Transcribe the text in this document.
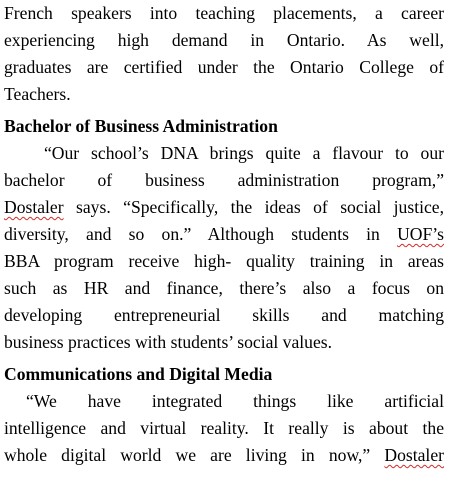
French speakers into teaching placements, a career
experiencing high demand in Ontario. As well,
graduates are certified under the Ontario College of
Teachers.
Bachelor of Business Administration
“Our school’s DNA brings quite a flavour to our
bachelor of business administration program,”
Dostaler says. “Specifically, the ideas of social justice,
diversity, and so on.” Although students in UOF’s
BBA program receive high- quality training in areas
such as HR and finance, there’s also a focus on
developing entrepreneurial skills and matching
business practices with students’ social values.
Communications and Digital Media
“We have integrated things like artificial
intelligence and virtual reality. It really is about the
whole digital world we are living in now,” Dostaler
